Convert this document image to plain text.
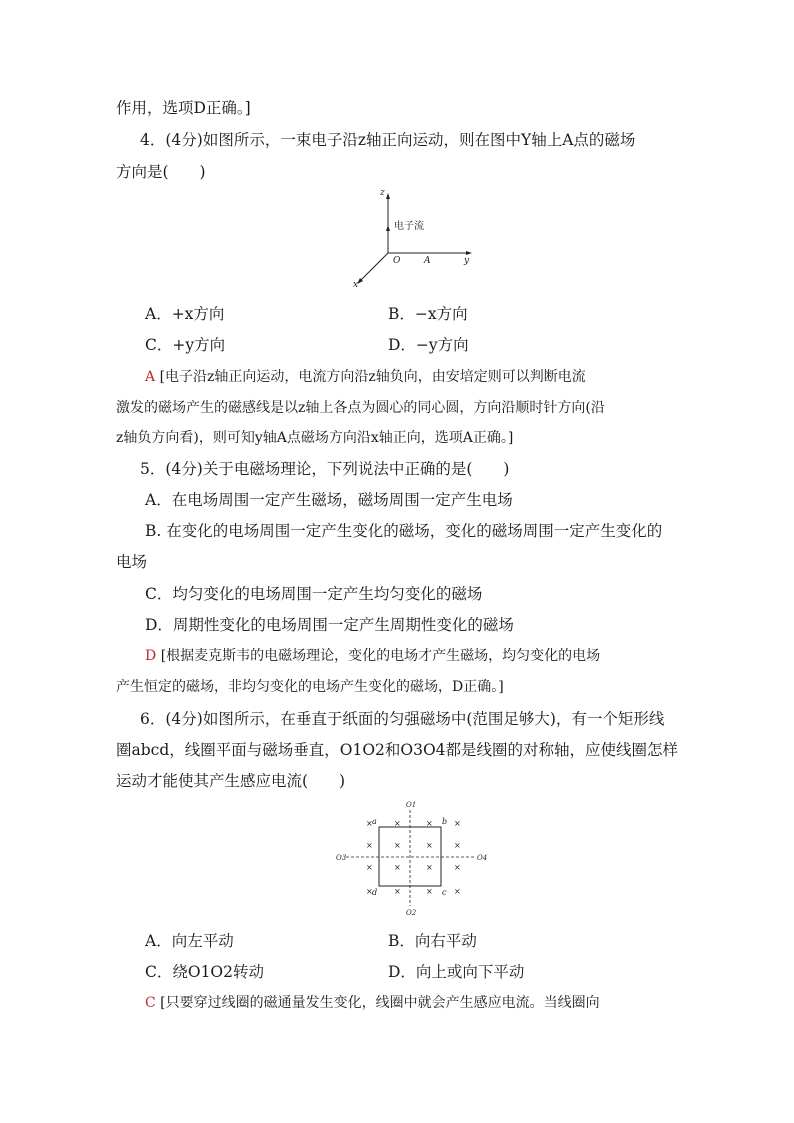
作用，选项D正确。]
4．(4分)如图所示，一束电子沿z轴正向运动，则在图中Y轴上A点的磁场
方向是(　　)
z
电子流
O	A	y
x
A．+x方向	B．−x方向
C．+y方向	D．−y方向
A [电子沿z轴正向运动，电流方向沿z轴负向，由安培定则可以判断电流
激发的磁场产生的磁感线是以z轴上各点为圆心的同心圆，方向沿顺时针方向(沿
z轴负方向看)，则可知y轴A点磁场方向沿x轴正向，选项A正确。]
5．(4分)关于电磁场理论，下列说法中正确的是(　　)
A．在电场周围一定产生磁场，磁场周围一定产生电场
B. 在变化的电场周围一定产生变化的磁场，变化的磁场周围一定产生变化的
电场
C．均匀变化的电场周围一定产生均匀变化的磁场
D．周期性变化的电场周围一定产生周期性变化的磁场
D [根据麦克斯韦的电磁场理论，变化的电场才产生磁场，均匀变化的电场
产生恒定的磁场，非均匀变化的电场产生变化的磁场，D正确。]
6．(4分)如图所示，在垂直于纸面的匀强磁场中(范围足够大)，有一个矩形线
圈abcd，线圈平面与磁场垂直，O1O2和O3O4都是线圈的对称轴，应使线圈怎样
运动才能使其产生感应电流(　　)
×	×	×	×
×	×	×	×
×	×	×	×
×	×	×	×
O1
O2
O3	O4
a	b
c
d
A．向左平动	B．向右平动
C．绕O1O2转动	D．向上或向下平动
C [只要穿过线圈的磁通量发生变化，线圈中就会产生感应电流。当线圈向
